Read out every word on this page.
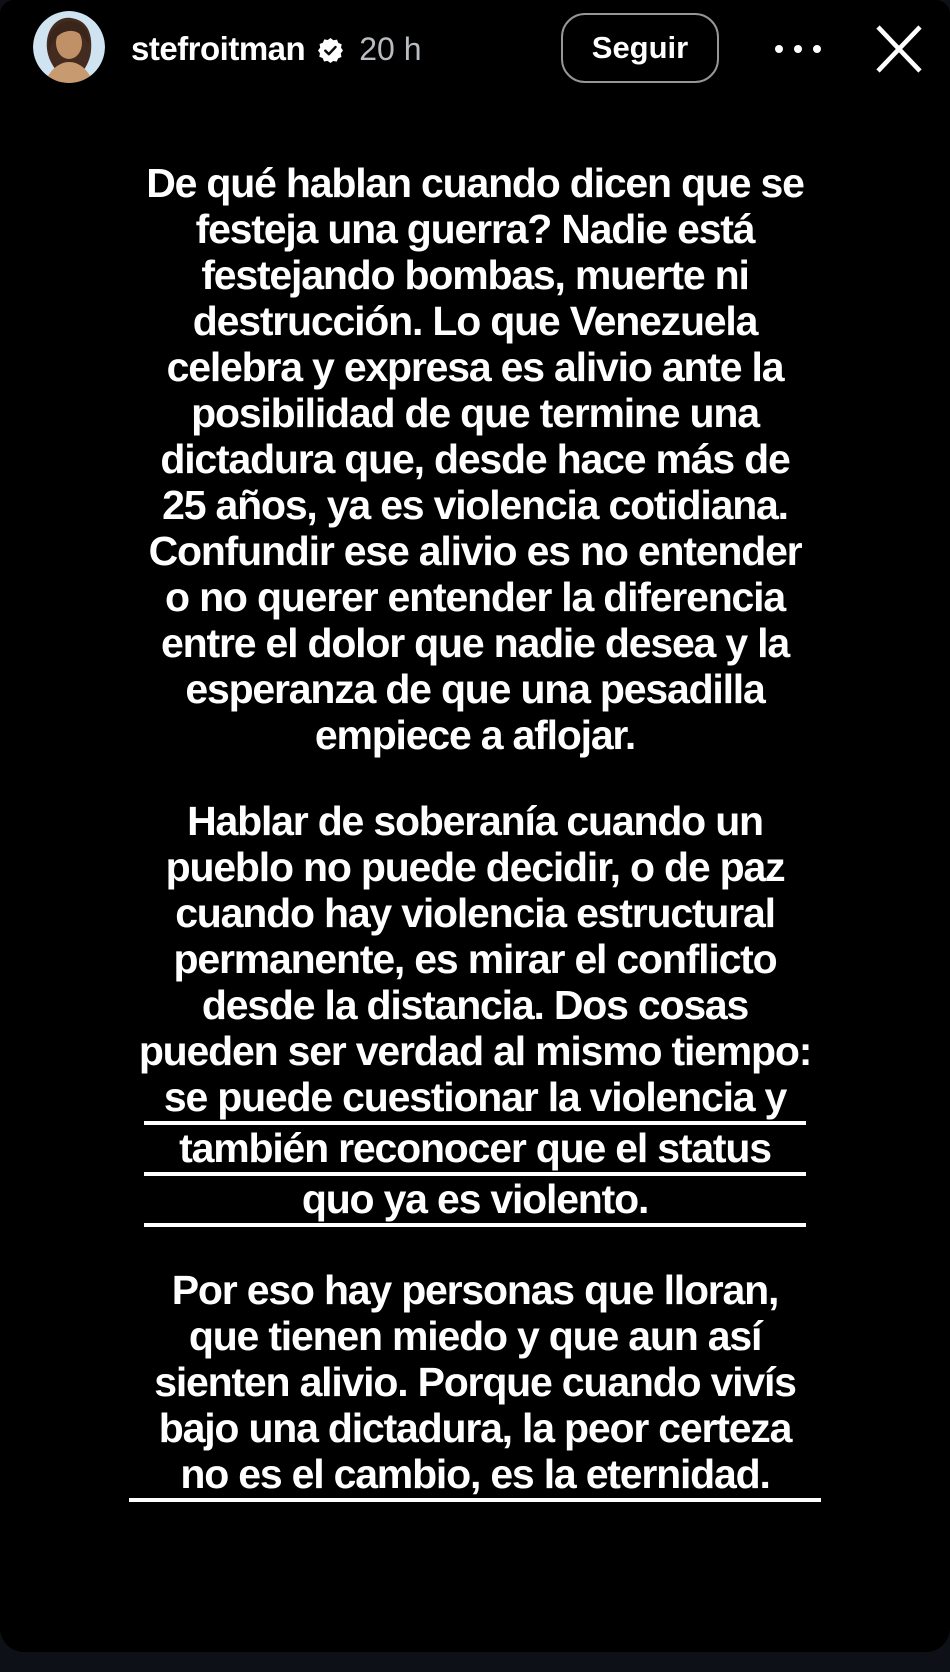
stefroitman 20 h	Seguir
De qué hablan cuando dicen que se
festeja una guerra? Nadie está
festejando bombas, muerte ni
destrucción. Lo que Venezuela
celebra y expresa es alivio ante la
posibilidad de que termine una
dictadura que, desde hace más de
25 años, ya es violencia cotidiana.
Confundir ese alivio es no entender
o no querer entender la diferencia
entre el dolor que nadie desea y la
esperanza de que una pesadilla
empiece a aflojar.
Hablar de soberanía cuando un
pueblo no puede decidir, o de paz
cuando hay violencia estructural
permanente, es mirar el conflicto
desde la distancia. Dos cosas
pueden ser verdad al mismo tiempo:
se puede cuestionar la violencia y
también reconocer que el status
quo ya es violento.
Por eso hay personas que lloran,
que tienen miedo y que aun así
sienten alivio. Porque cuando vivís
bajo una dictadura, la peor certeza
no es el cambio, es la eternidad.
